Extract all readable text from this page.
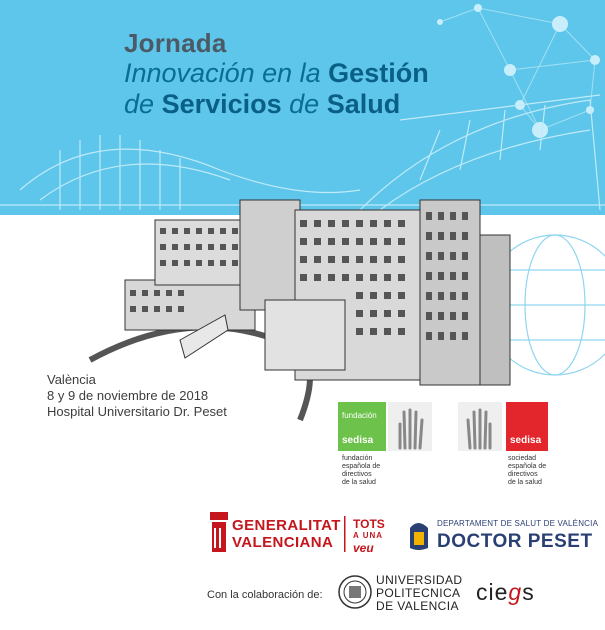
Jornada
Innovación en la Gestión
de Servicios de Salud
València
8 y 9 de noviembre de 2018
Hospital Universitario Dr. Peset	fundación
sedisa
fundación
española de
directivos
de la salud
sedisa
sociedad
española de
directivos
de la salud
GENERALITAT
VALENCIANA
TOTS
A UNA
veu
DEPARTAMENT DE SALUT DE VALÈNCIA
DOCTOR PESET
Con la colaboración de:
UNIVERSIDAD
POLITECNICA
DE VALENCIA
ciegs
